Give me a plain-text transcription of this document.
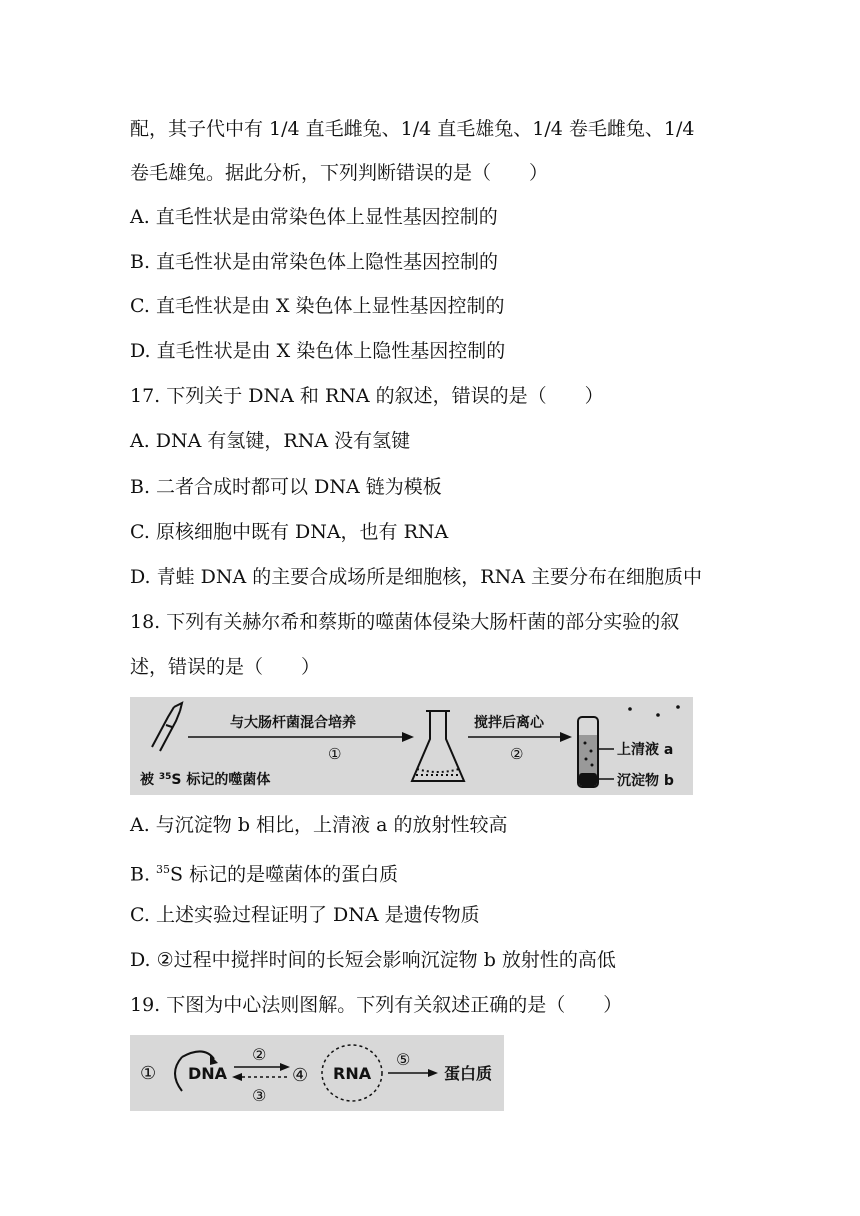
配，其子代中有 1/4 直毛雌兔、1/4 直毛雄兔、1/4 卷毛雌兔、1/4
卷毛雄兔。据此分析，下列判断错误的是（　　）
A. 直毛性状是由常染色体上显性基因控制的
B. 直毛性状是由常染色体上隐性基因控制的
C. 直毛性状是由 X 染色体上显性基因控制的
D. 直毛性状是由 X 染色体上隐性基因控制的
17. 下列关于 DNA 和 RNA 的叙述，错误的是（　　）
A. DNA 有氢键，RNA 没有氢键
B. 二者合成时都可以 DNA 链为模板
C. 原核细胞中既有 DNA，也有 RNA
D. 青蛙 DNA 的主要合成场所是细胞核，RNA 主要分布在细胞质中
18. 下列有关赫尔希和蔡斯的噬菌体侵染大肠杆菌的部分实验的叙
述，错误的是（　　）
与大肠杆菌混合培养
①
被 $^{35}$S 标记的噬菌体
搅拌后离心
②	上清液 a
沉淀物 b
A. 与沉淀物 b 相比，上清液 a 的放射性较高
B. $^{35}$S 标记的是噬菌体的蛋白质
C. 上述实验过程证明了 DNA 是遗传物质
D. ②过程中搅拌时间的长短会影响沉淀物 b 放射性的高低
19. 下图为中心法则图解。下列有关叙述正确的是（　　）
① DNA
②
③
④ RNA
⑤
蛋白质
